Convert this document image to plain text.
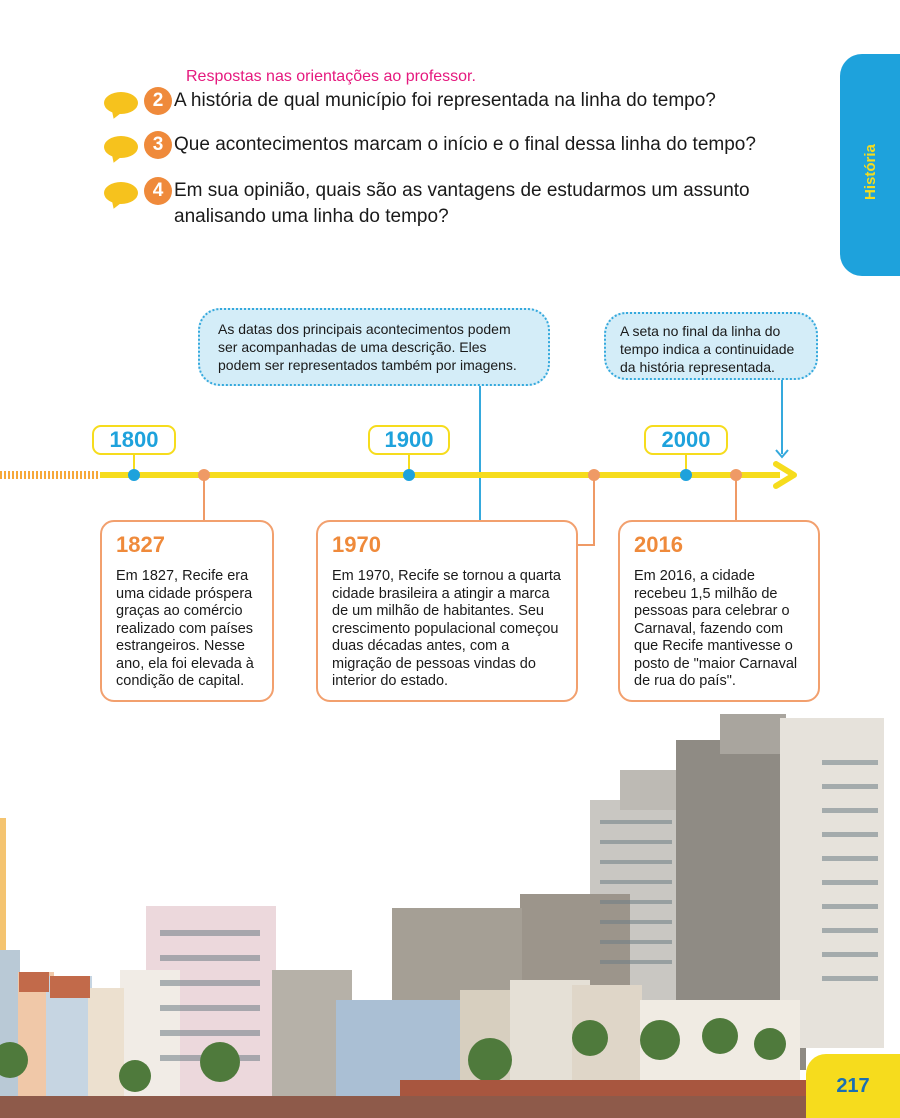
Respostas nas orientações ao professor.
2 A história de qual município foi representada na linha do tempo?
3 Que acontecimentos marcam o início e o final dessa linha do tempo?
4 Em sua opinião, quais são as vantagens de estudarmos um assunto analisando uma linha do tempo?
História
As datas dos principais acontecimentos podem ser acompanhadas de uma descrição. Eles podem ser representados também por imagens.
A seta no final da linha do tempo indica a continuidade da história representada.
1800	1900	2000
1827
Em 1827, Recife era uma cidade próspera graças ao comércio realizado com países estrangeiros. Nesse ano, ela foi elevada à condição de capital.
1970
Em 1970, Recife se tornou a quarta cidade brasileira a atingir a marca de um milhão de habitantes. Seu crescimento populacional começou duas décadas antes, com a migração de pessoas vindas do interior do estado.
2016
Em 2016, a cidade recebeu 1,5 milhão de pessoas para celebrar o Carnaval, fazendo com que Recife mantivesse o posto de "maior Carnaval de rua do país".
217
